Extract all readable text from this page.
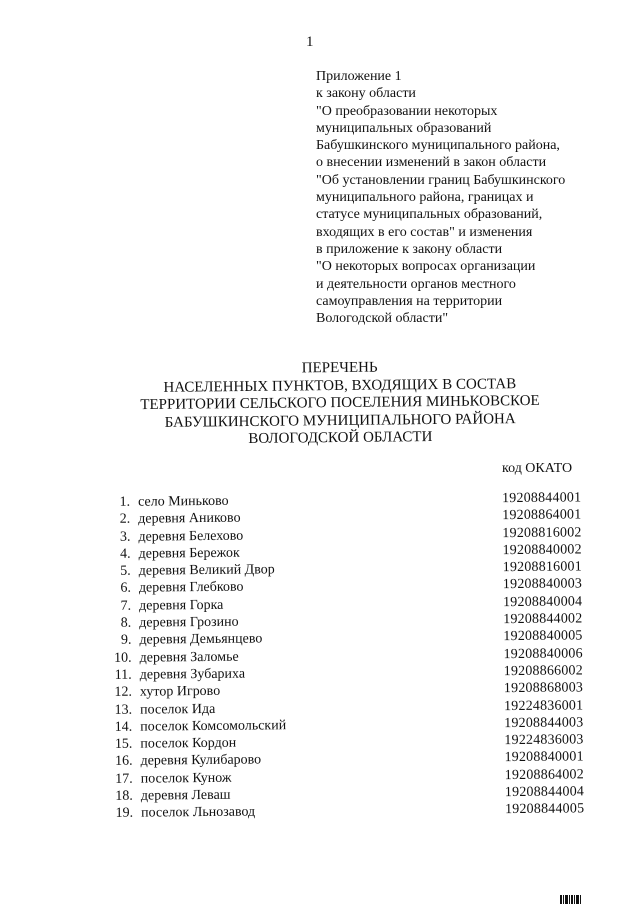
1
Приложение 1
к закону области
"О преобразовании некоторых
муниципальных образований
Бабушкинского муниципального района,
о внесении изменений в закон области
"Об установлении границ Бабушкинского
муниципального района, границах и
статусе муниципальных образований,
входящих в его состав" и изменения
в приложение к закону области
"О некоторых вопросах организации
и деятельности органов местного
самоуправления на территории
Вологодской области"
ПЕРЕЧЕНЬ
НАСЕЛЕННЫХ ПУНКТОВ, ВХОДЯЩИХ В СОСТАВ
ТЕРРИТОРИИ СЕЛЬСКОГО ПОСЕЛЕНИЯ МИНЬКОВСКОЕ
БАБУШКИНСКОГО МУНИЦИПАЛЬНОГО РАЙОНА
ВОЛОГОДСКОЙ ОБЛАСТИ
код ОКАТО
1. село Миньково	19208844001
2. деревня Аниково	19208864001
3. деревня Белехово	19208816002
4. деревня Бережок	19208840002
5. деревня Великий Двор	19208816001
6. деревня Глебково	19208840003
7. деревня Горка	19208840004
8. деревня Грозино	19208844002
9. деревня Демьянцево	19208840005
10. деревня Заломье	19208840006
11. деревня Зубариха	19208866002
12. хутор Игрово	19208868003
13. поселок Ида	19224836001
14. поселок Комсомольский	19208844003
15. поселок Кордон	19224836003
16. деревня Кулибарово	19208840001
17. поселок Кунож	19208864002
18. деревня Леваш	19208844004
19. поселок Льнозавод	19208844005
